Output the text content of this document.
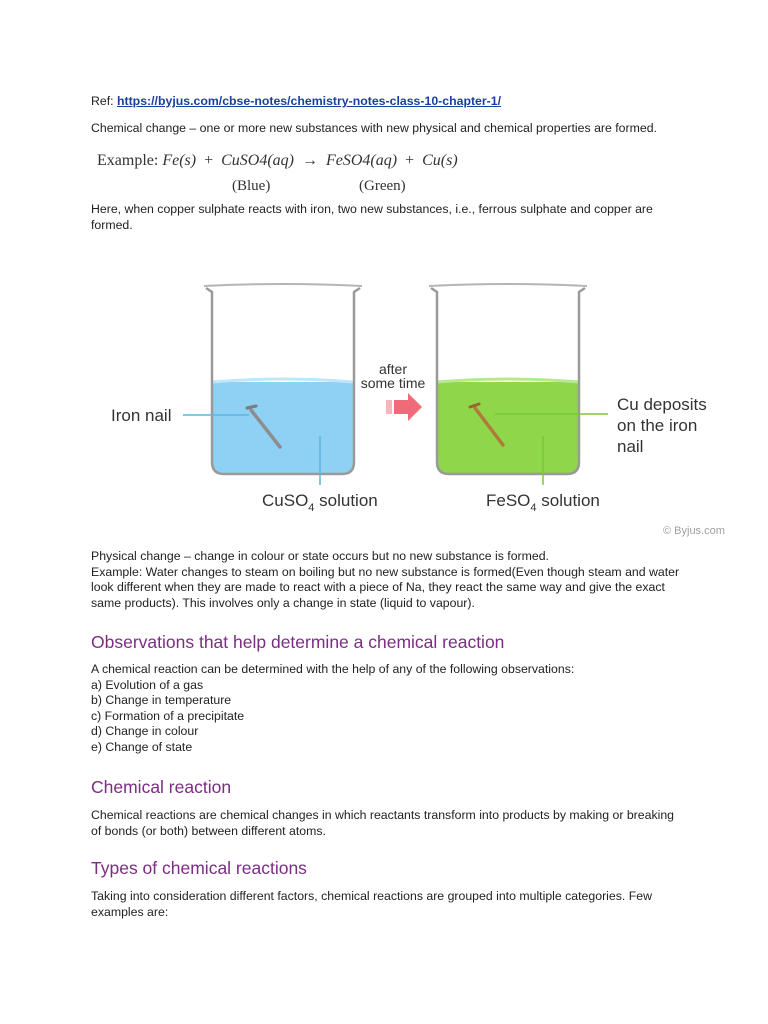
Ref: https://byjus.com/cbse-notes/chemistry-notes-class-10-chapter-1/

Chemical change – one or more new substances with new physical and chemical properties are formed.

Example: Fe(s)  +  CuSO4(aq)  →  FeSO4(aq)  +  Cu(s)
(Blue)	(Green)

Here, when copper sulphate reacts with iron, two new substances, i.e., ferrous sulphate and copper are formed.

Iron nail
after
some time
Cu deposits
on the iron
nail
CuSO$_4$ solution	FeSO$_4$ solution
© Byjus.com

Physical change – change in colour or state occurs but no new substance is formed.
Example: Water changes to steam on boiling but no new substance is formed(Even though steam and water look different when they are made to react with a piece of Na, they react the same way and give the exact same products). This involves only a change in state (liquid to vapour).

Observations that help determine a chemical reaction
A chemical reaction can be determined with the help of any of the following observations:
a) Evolution of a gas
b) Change in temperature
c) Formation of a precipitate
d) Change in colour
e) Change of state
Chemical reaction

Chemical reactions are chemical changes in which reactants transform into products by making or breaking of bonds (or both) between different atoms.

Types of chemical reactions

Taking into consideration different factors, chemical reactions are grouped into multiple categories. Few examples are:
